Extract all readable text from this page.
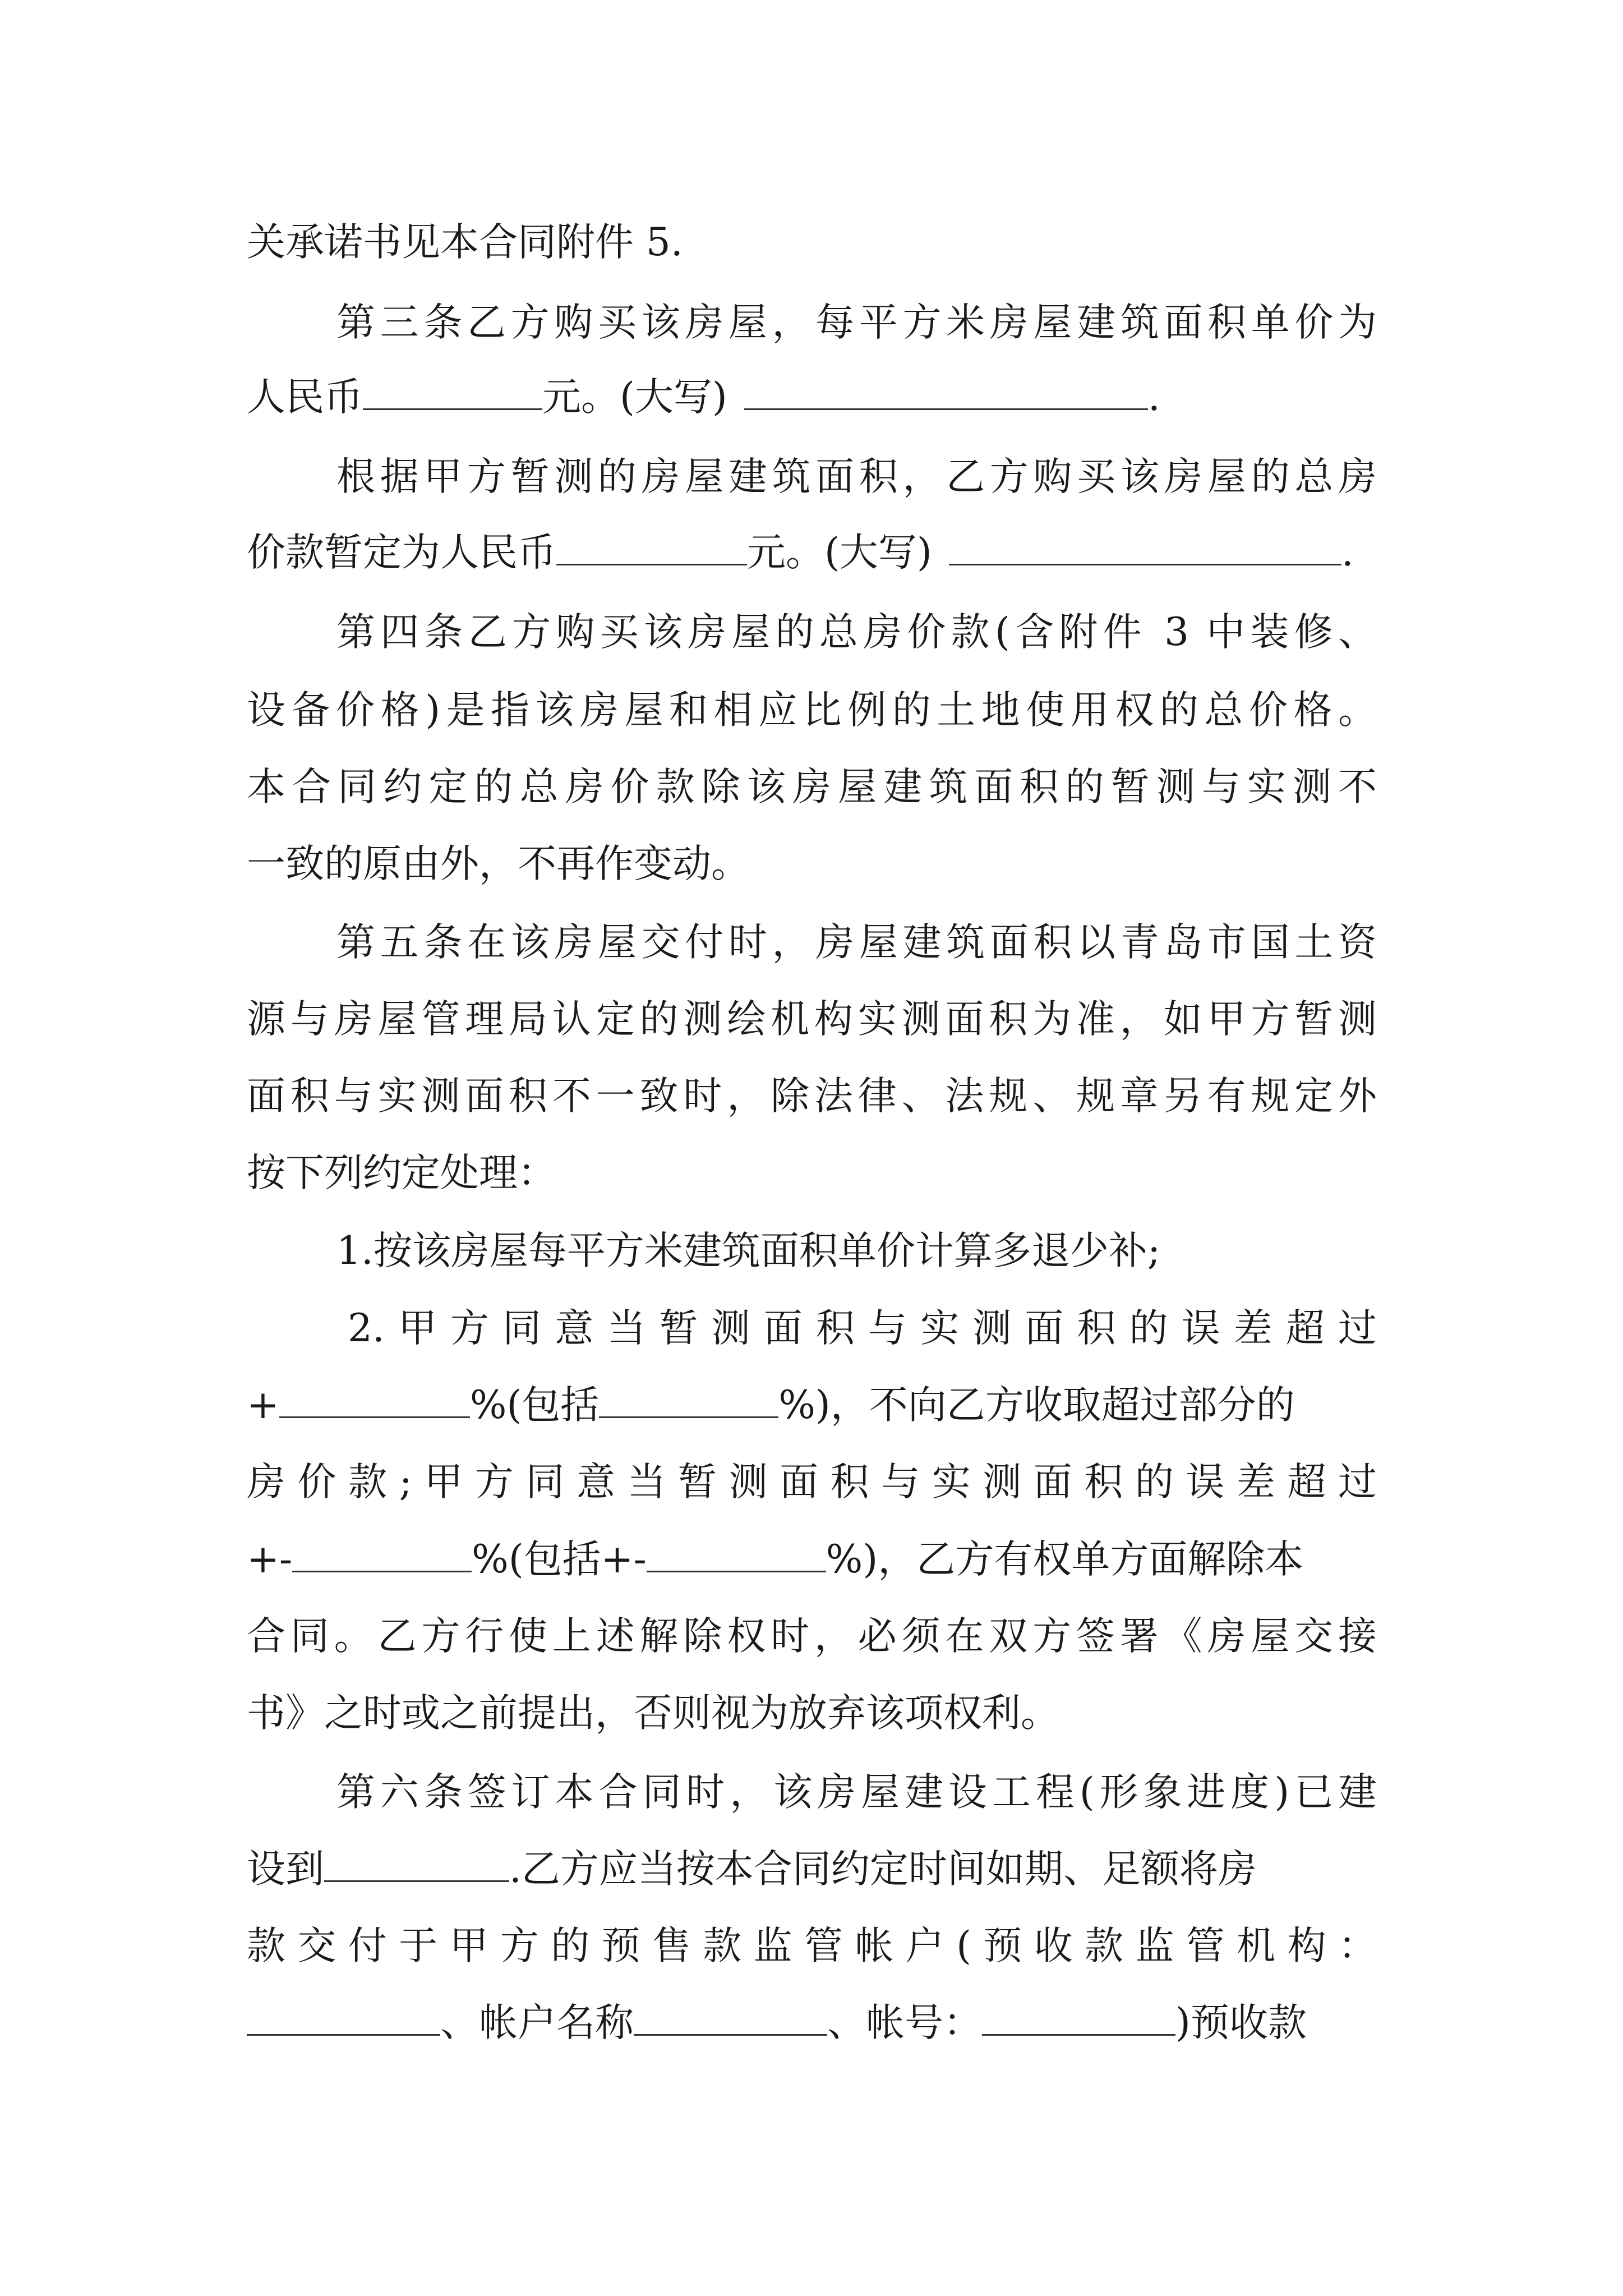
关承诺书见本合同附件 5.
第三条乙方购买该房屋，每平方米房屋建筑面积单价为
人民币	元。(大写)	.
根据甲方暂测的房屋建筑面积，乙方购买该房屋的总房
价款暂定为人民币	元。(大写)	.
第四条乙方购买该房屋的总房价款(含附件 3 中装修、
设备价格)是指该房屋和相应比例的土地使用权的总价格。
本合同约定的总房价款除该房屋建筑面积的暂测与实测不
一致的原由外，不再作变动。
第五条在该房屋交付时，房屋建筑面积以青岛市国土资
源与房屋管理局认定的测绘机构实测面积为准，如甲方暂测
面积与实测面积不一致时，除法律、法规、规章另有规定外
按下列约定处理：
1.按该房屋每平方米建筑面积单价计算多退少补;
2.甲方同意当暂测面积与实测面积的误差超过
+	%(包括	%)，不向乙方收取超过部分的
房价款;甲方同意当暂测面积与实测面积的误差超过
+-	%(包括+-	%)，乙方有权单方面解除本
合同。乙方行使上述解除权时，必须在双方签署《房屋交接
书》之时或之前提出，否则视为放弃该项权利。
第六条签订本合同时，该房屋建设工程(形象进度)已建
设到	.乙方应当按本合同约定时间如期、足额将房
款交付于甲方的预售款监管帐户(预收款监管机构：
、帐户名称	、帐号：	)预收款
